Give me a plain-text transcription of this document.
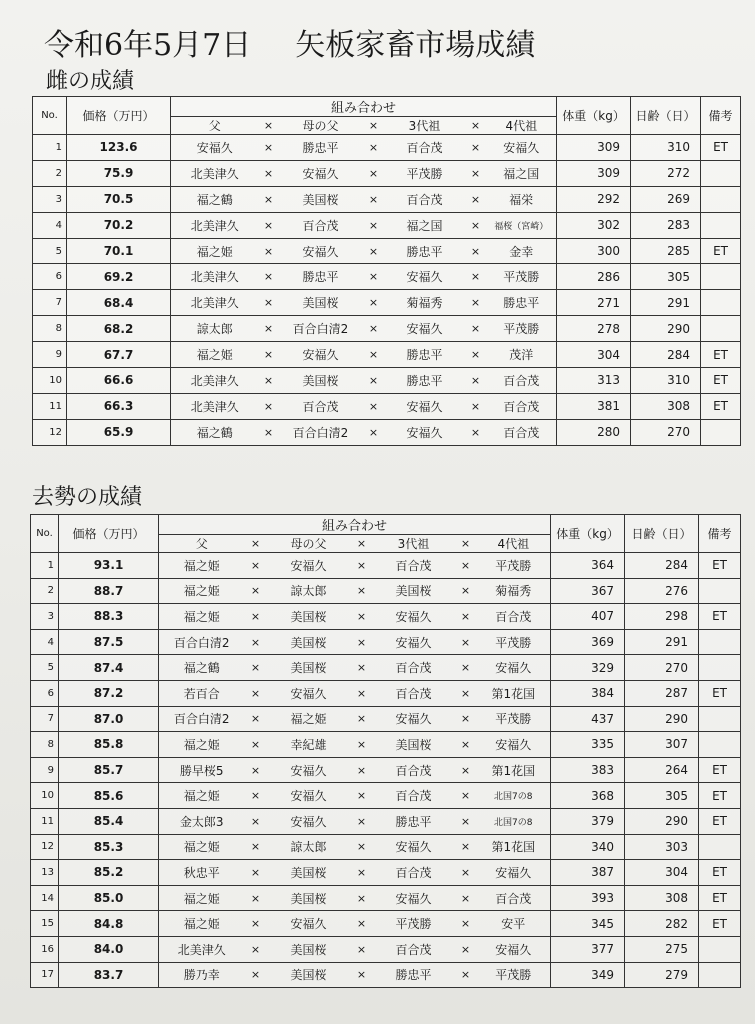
令和6年5月7日 矢板家畜市場成績
雌の成績
No.	価格（万円）	組み合わせ							体重（kg）	日齢（日）	備考
		父	×	母の父	×	3代祖	×	4代祖			
1	123.6	安福久	×	勝忠平	×	百合茂	×	安福久	309	310	ET
2	75.9	北美津久	×	安福久	×	平茂勝	×	福之国	309	272	
3	70.5	福之鶴	×	美国桜	×	百合茂	×	福栄	292	269	
4	70.2	北美津久	×	百合茂	×	福之国	×	福桜（宮崎）	302	283	
5	70.1	福之姫	×	安福久	×	勝忠平	×	金幸	300	285	ET
6	69.2	北美津久	×	勝忠平	×	安福久	×	平茂勝	286	305	
7	68.4	北美津久	×	美国桜	×	菊福秀	×	勝忠平	271	291	
8	68.2	諒太郎	×	百合白清2	×	安福久	×	平茂勝	278	290	
9	67.7	福之姫	×	安福久	×	勝忠平	×	茂洋	304	284	ET
10	66.6	北美津久	×	美国桜	×	勝忠平	×	百合茂	313	310	ET
11	66.3	北美津久	×	百合茂	×	安福久	×	百合茂	381	308	ET
12	65.9	福之鶴	×	百合白清2	×	安福久	×	百合茂	280	270	
去勢の成績
No.	価格（万円）	組み合わせ							体重（kg）	日齢（日）	備考
		父	×	母の父	×	3代祖	×	4代祖			
1	93.1	福之姫	×	安福久	×	百合茂	×	平茂勝	364	284	ET
2	88.7	福之姫	×	諒太郎	×	美国桜	×	菊福秀	367	276	
3	88.3	福之姫	×	美国桜	×	安福久	×	百合茂	407	298	ET
4	87.5	百合白清2	×	美国桜	×	安福久	×	平茂勝	369	291	
5	87.4	福之鶴	×	美国桜	×	百合茂	×	安福久	329	270	
6	87.2	若百合	×	安福久	×	百合茂	×	第1花国	384	287	ET
7	87.0	百合白清2	×	福之姫	×	安福久	×	平茂勝	437	290	
8	85.8	福之姫	×	幸紀雄	×	美国桜	×	安福久	335	307	
9	85.7	勝早桜5	×	安福久	×	百合茂	×	第1花国	383	264	ET
10	85.6	福之姫	×	安福久	×	百合茂	×	北国7の8	368	305	ET
11	85.4	金太郎3	×	安福久	×	勝忠平	×	北国7の8	379	290	ET
12	85.3	福之姫	×	諒太郎	×	安福久	×	第1花国	340	303	
13	85.2	秋忠平	×	美国桜	×	百合茂	×	安福久	387	304	ET
14	85.0	福之姫	×	美国桜	×	安福久	×	百合茂	393	308	ET
15	84.8	福之姫	×	安福久	×	平茂勝	×	安平	345	282	ET
16	84.0	北美津久	×	美国桜	×	百合茂	×	安福久	377	275	
17	83.7	勝乃幸	×	美国桜	×	勝忠平	×	平茂勝	349	279	
